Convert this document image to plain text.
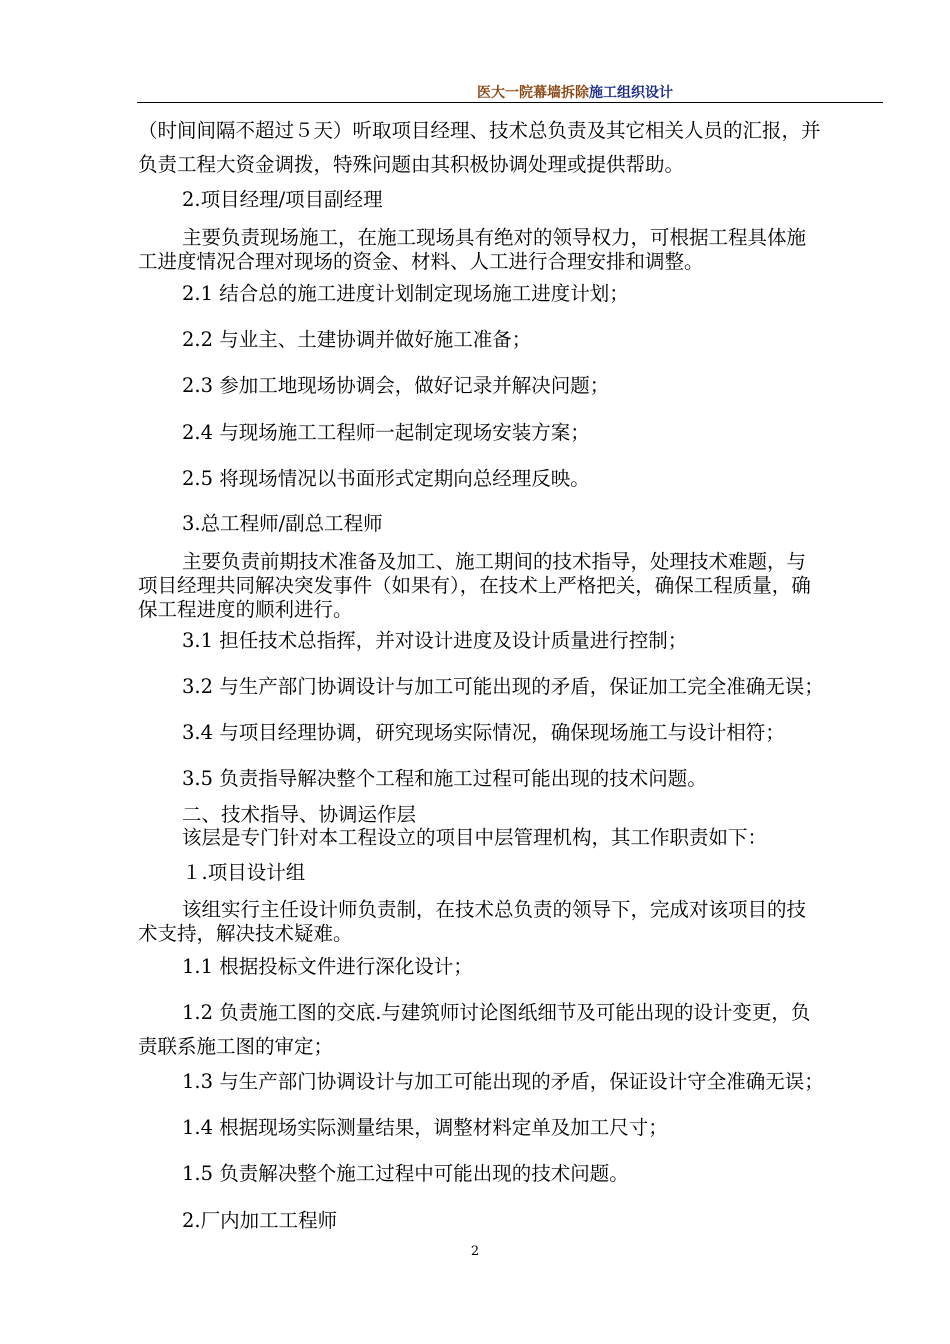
医大一院幕墙拆除施工组织设计
（时间间隔不超过５天）听取项目经理、技术总负责及其它相关人员的汇报，并
负责工程大资金调拨，特殊问题由其积极协调处理或提供帮助。
2.项目经理/项目副经理
主要负责现场施工，在施工现场具有绝对的领导权力，可根据工程具体施
工进度情况合理对现场的资金、材料、人工进行合理安排和调整。
2.1 结合总的施工进度计划制定现场施工进度计划；
2.2 与业主、土建协调并做好施工准备；
2.3 参加工地现场协调会，做好记录并解决问题；
2.4 与现场施工工程师一起制定现场安装方案；
2.5 将现场情况以书面形式定期向总经理反映。
3.总工程师/副总工程师
主要负责前期技术准备及加工、施工期间的技术指导，处理技术难题，与
项目经理共同解决突发事件（如果有），在技术上严格把关，确保工程质量，确
保工程进度的顺利进行。
3.1 担任技术总指挥，并对设计进度及设计质量进行控制；
3.2 与生产部门协调设计与加工可能出现的矛盾，保证加工完全准确无误；
3.4 与项目经理协调，研究现场实际情况，确保现场施工与设计相符；
3.5 负责指导解决整个工程和施工过程可能出现的技术问题。
二、技术指导、协调运作层
该层是专门针对本工程设立的项目中层管理机构，其工作职责如下：
１.项目设计组
该组实行主任设计师负责制，在技术总负责的领导下，完成对该项目的技
术支持，解决技术疑难。
1.1 根据投标文件进行深化设计；
1.2 负责施工图的交底.与建筑师讨论图纸细节及可能出现的设计变更，负
责联系施工图的审定；
1.3 与生产部门协调设计与加工可能出现的矛盾，保证设计守全准确无误；
1.4 根据现场实际测量结果，调整材料定单及加工尺寸；
1.5 负责解决整个施工过程中可能出现的技术问题。
2.厂内加工工程师
2
